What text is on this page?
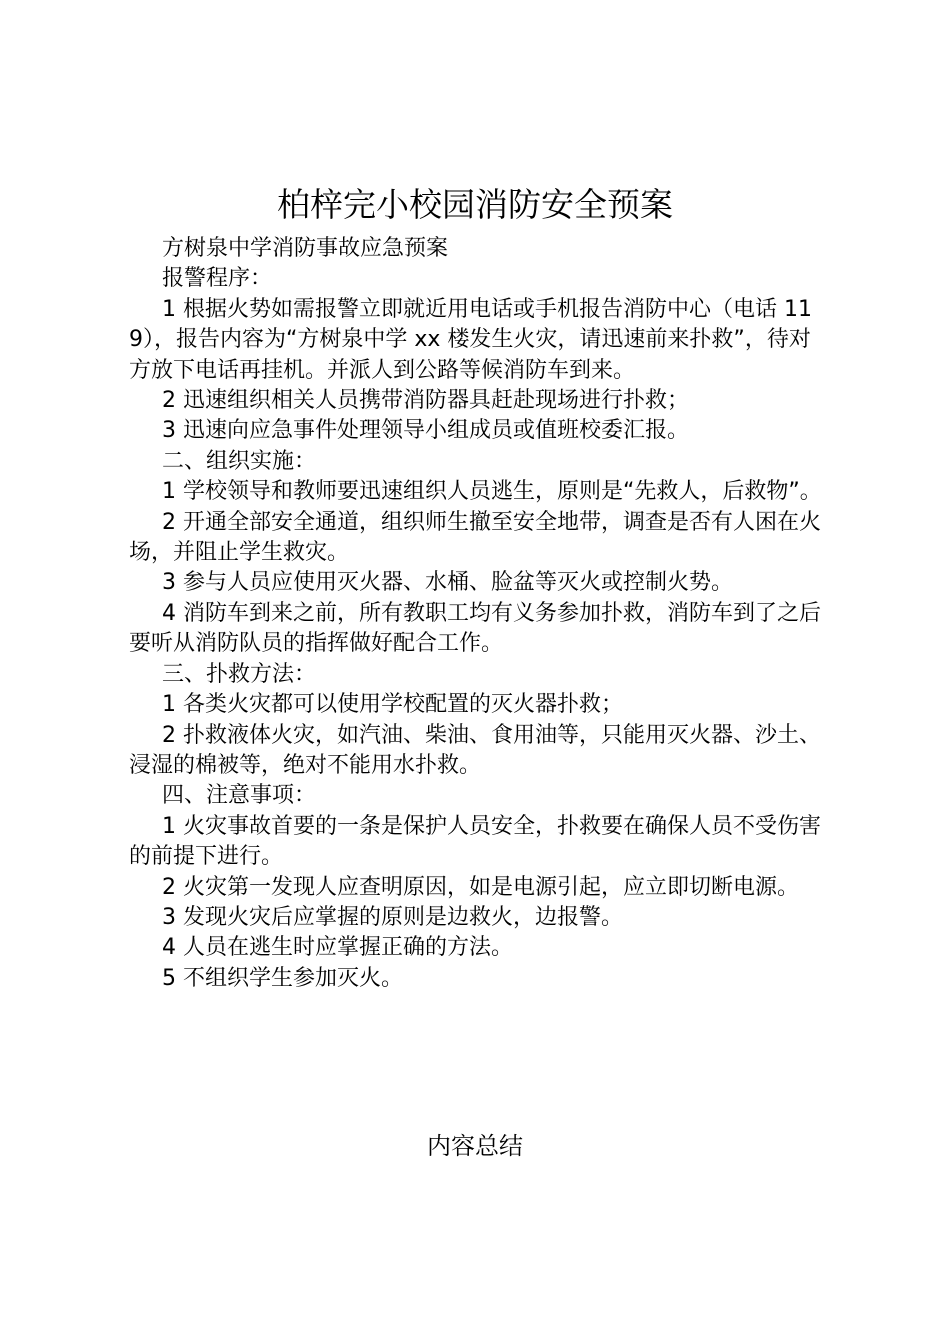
柏梓完小校园消防安全预案

方树泉中学消防事故应急预案

报警程序：

1 根据火势如需报警立即就近用电话或手机报告消防中心（电话 119），报告内容为“方树泉中学 xx 楼发生火灾，请迅速前来扑救”，待对方放下电话再挂机。并派人到公路等候消防车到来。

2 迅速组织相关人员携带消防器具赶赴现场进行扑救；

3 迅速向应急事件处理领导小组成员或值班校委汇报。

二、组织实施：

1 学校领导和教师要迅速组织人员逃生，原则是“先救人，后救物”。

2 开通全部安全通道，组织师生撤至安全地带，调查是否有人困在火场，并阻止学生救灾。

3 参与人员应使用灭火器、水桶、脸盆等灭火或控制火势。

4 消防车到来之前，所有教职工均有义务参加扑救，消防车到了之后要听从消防队员的指挥做好配合工作。

三、扑救方法：

1 各类火灾都可以使用学校配置的灭火器扑救；

2 扑救液体火灾，如汽油、柴油、食用油等，只能用灭火器、沙土、浸湿的棉被等，绝对不能用水扑救。

四、注意事项：

1 火灾事故首要的一条是保护人员安全，扑救要在确保人员不受伤害的前提下进行。

2 火灾第一发现人应查明原因，如是电源引起，应立即切断电源。

3 发现火灾后应掌握的原则是边救火，边报警。

4 人员在逃生时应掌握正确的方法。

5 不组织学生参加灭火。

内容总结
